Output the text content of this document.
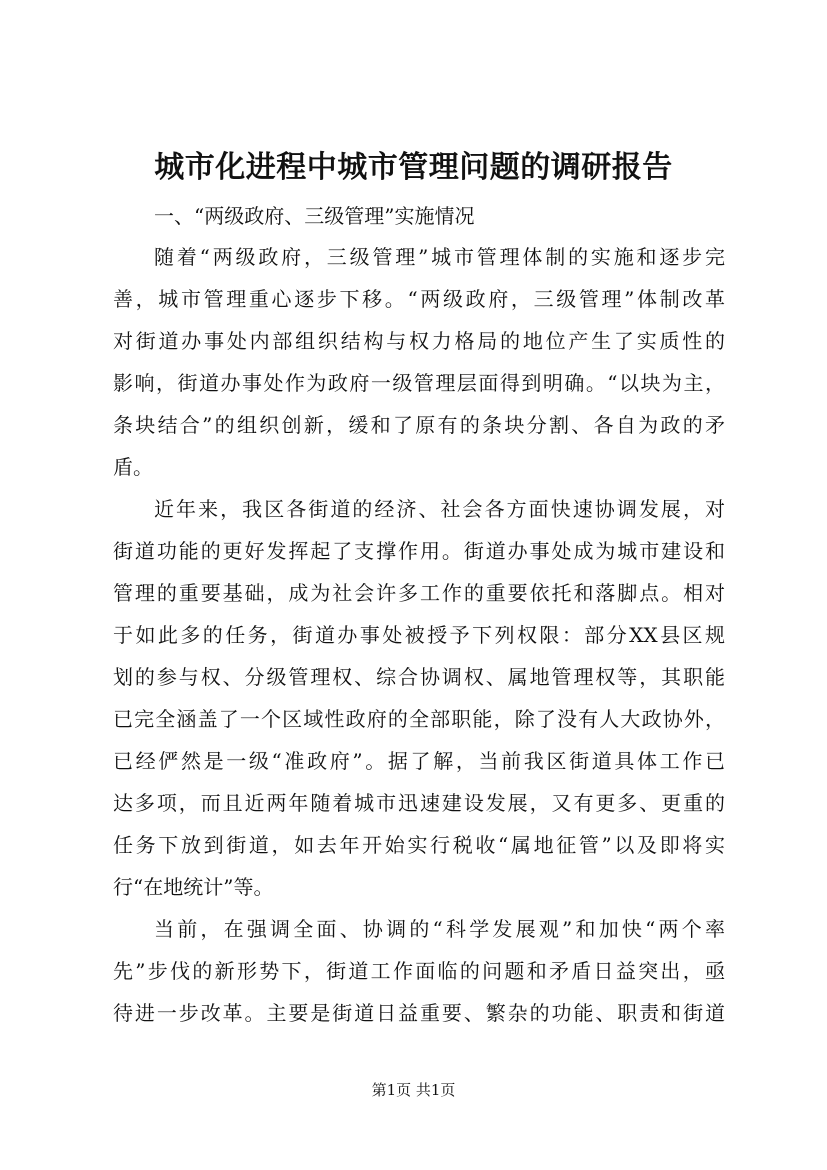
城市化进程中城市管理问题的调研报告

一、“两级政府、三级管理”实施情况

随着“两级政府，三级管理”城市管理体制的实施和逐步完
善，城市管理重心逐步下移。“两级政府，三级管理”体制改革
对街道办事处内部组织结构与权力格局的地位产生了实质性的
影响，街道办事处作为政府一级管理层面得到明确。“以块为主，
条块结合”的组织创新，缓和了原有的条块分割、各自为政的矛
盾。
近年来，我区各街道的经济、社会各方面快速协调发展，对
街道功能的更好发挥起了支撑作用。街道办事处成为城市建设和
管理的重要基础，成为社会许多工作的重要依托和落脚点。相对
于如此多的任务，街道办事处被授予下列权限：部分XX县区规
划的参与权、分级管理权、综合协调权、属地管理权等，其职能
已完全涵盖了一个区域性政府的全部职能，除了没有人大政协外，
已经俨然是一级“准政府”。据了解，当前我区街道具体工作已
达多项，而且近两年随着城市迅速建设发展，又有更多、更重的
任务下放到街道，如去年开始实行税收“属地征管”以及即将实
行“在地统计”等。
当前，在强调全面、协调的“科学发展观”和加快“两个率
先”步伐的新形势下，街道工作面临的问题和矛盾日益突出，亟
待进一步改革。主要是街道日益重要、繁杂的功能、职责和街道
第1页 共1页
